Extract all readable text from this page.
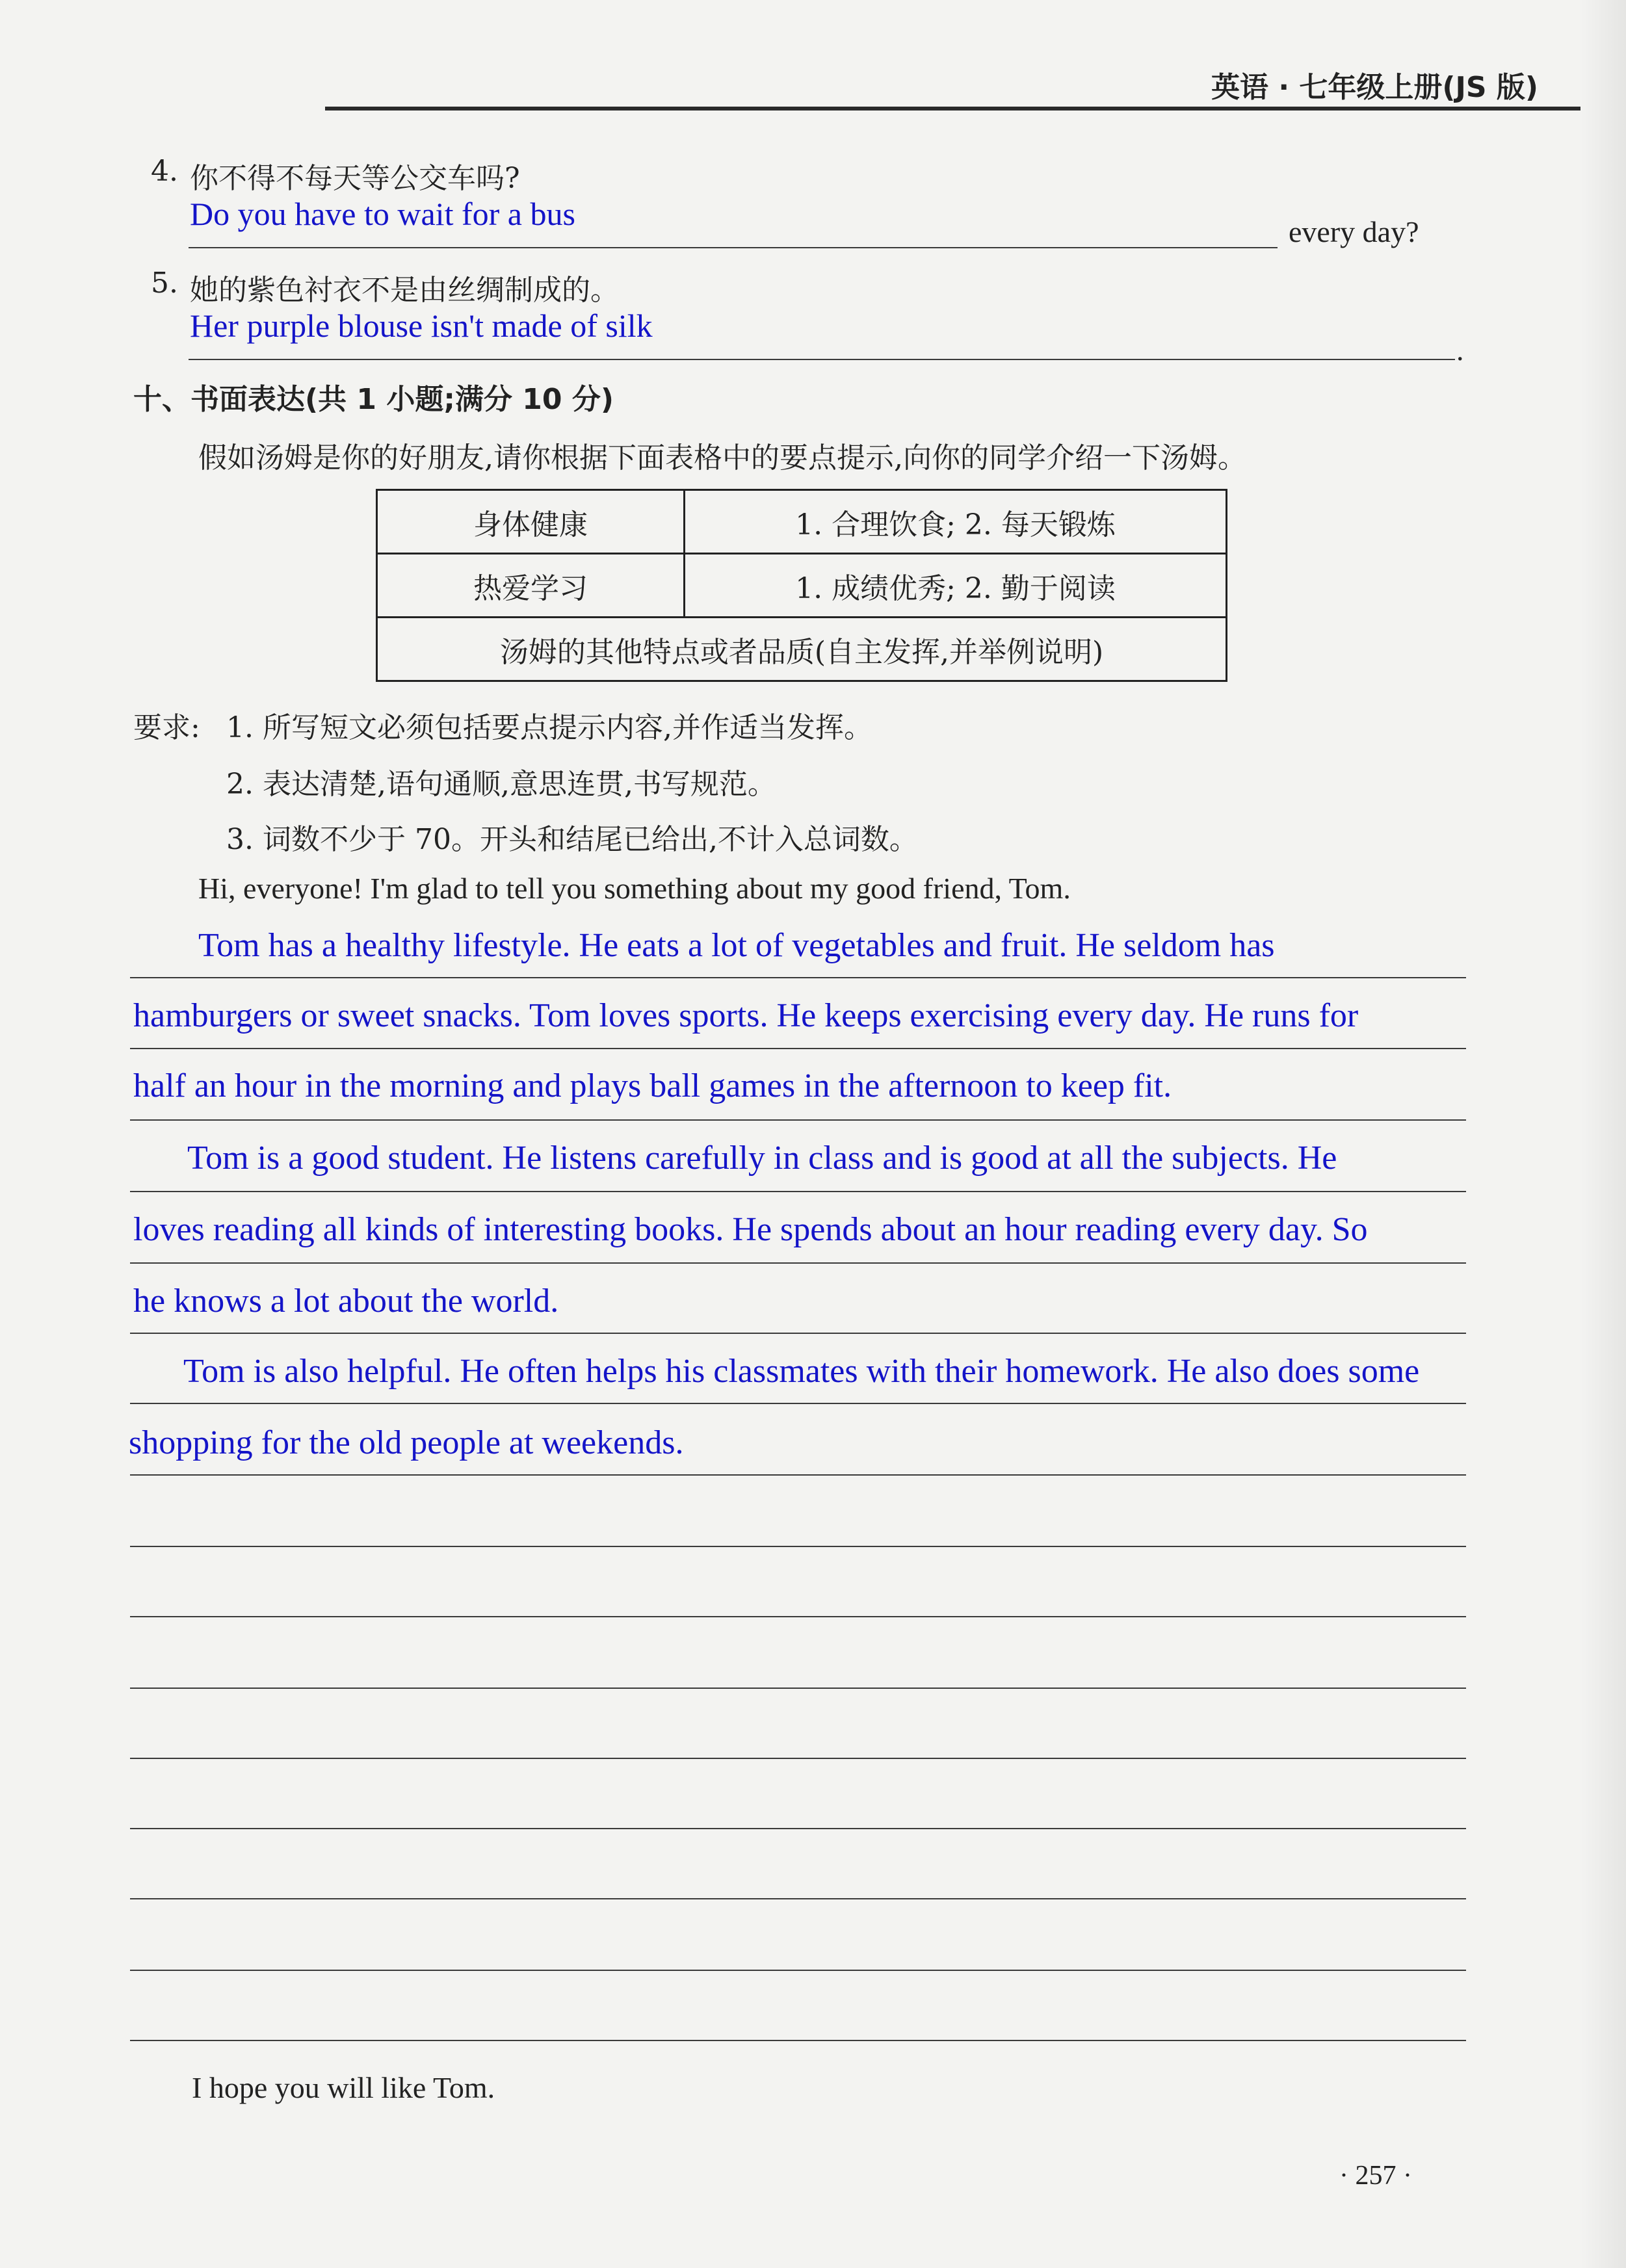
英语 · 七年级上册(JS 版)
4. 你不得不每天等公交车吗?
Do you have to wait for a bus	every day?
5. 她的紫色衬衣不是由丝绸制成的。
Her purple blouse isn't made of silk
.
十、书面表达(共 1 小题;满分 10 分)
假如汤姆是你的好朋友,请你根据下面表格中的要点提示,向你的同学介绍一下汤姆。
身体健康	1. 合理饮食; 2. 每天锻炼
热爱学习	1. 成绩优秀; 2. 勤于阅读
汤姆的其他特点或者品质(自主发挥,并举例说明)	
要求: 1. 所写短文必须包括要点提示内容,并作适当发挥。
2. 表达清楚,语句通顺,意思连贯,书写规范。
3. 词数不少于 70。开头和结尾已给出,不计入总词数。
Hi, everyone! I'm glad to tell you something about my good friend, Tom.
Tom has a healthy lifestyle. He eats a lot of vegetables and fruit. He seldom has
hamburgers or sweet snacks. Tom loves sports. He keeps exercising every day. He runs for
half an hour in the morning and plays ball games in the afternoon to keep fit.
Tom is a good student. He listens carefully in class and is good at all the subjects. He
loves reading all kinds of interesting books. He spends about an hour reading every day. So
he knows a lot about the world.
Tom is also helpful. He often helps his classmates with their homework. He also does some
shopping for the old people at weekends.
I hope you will like Tom.
· 257 ·
